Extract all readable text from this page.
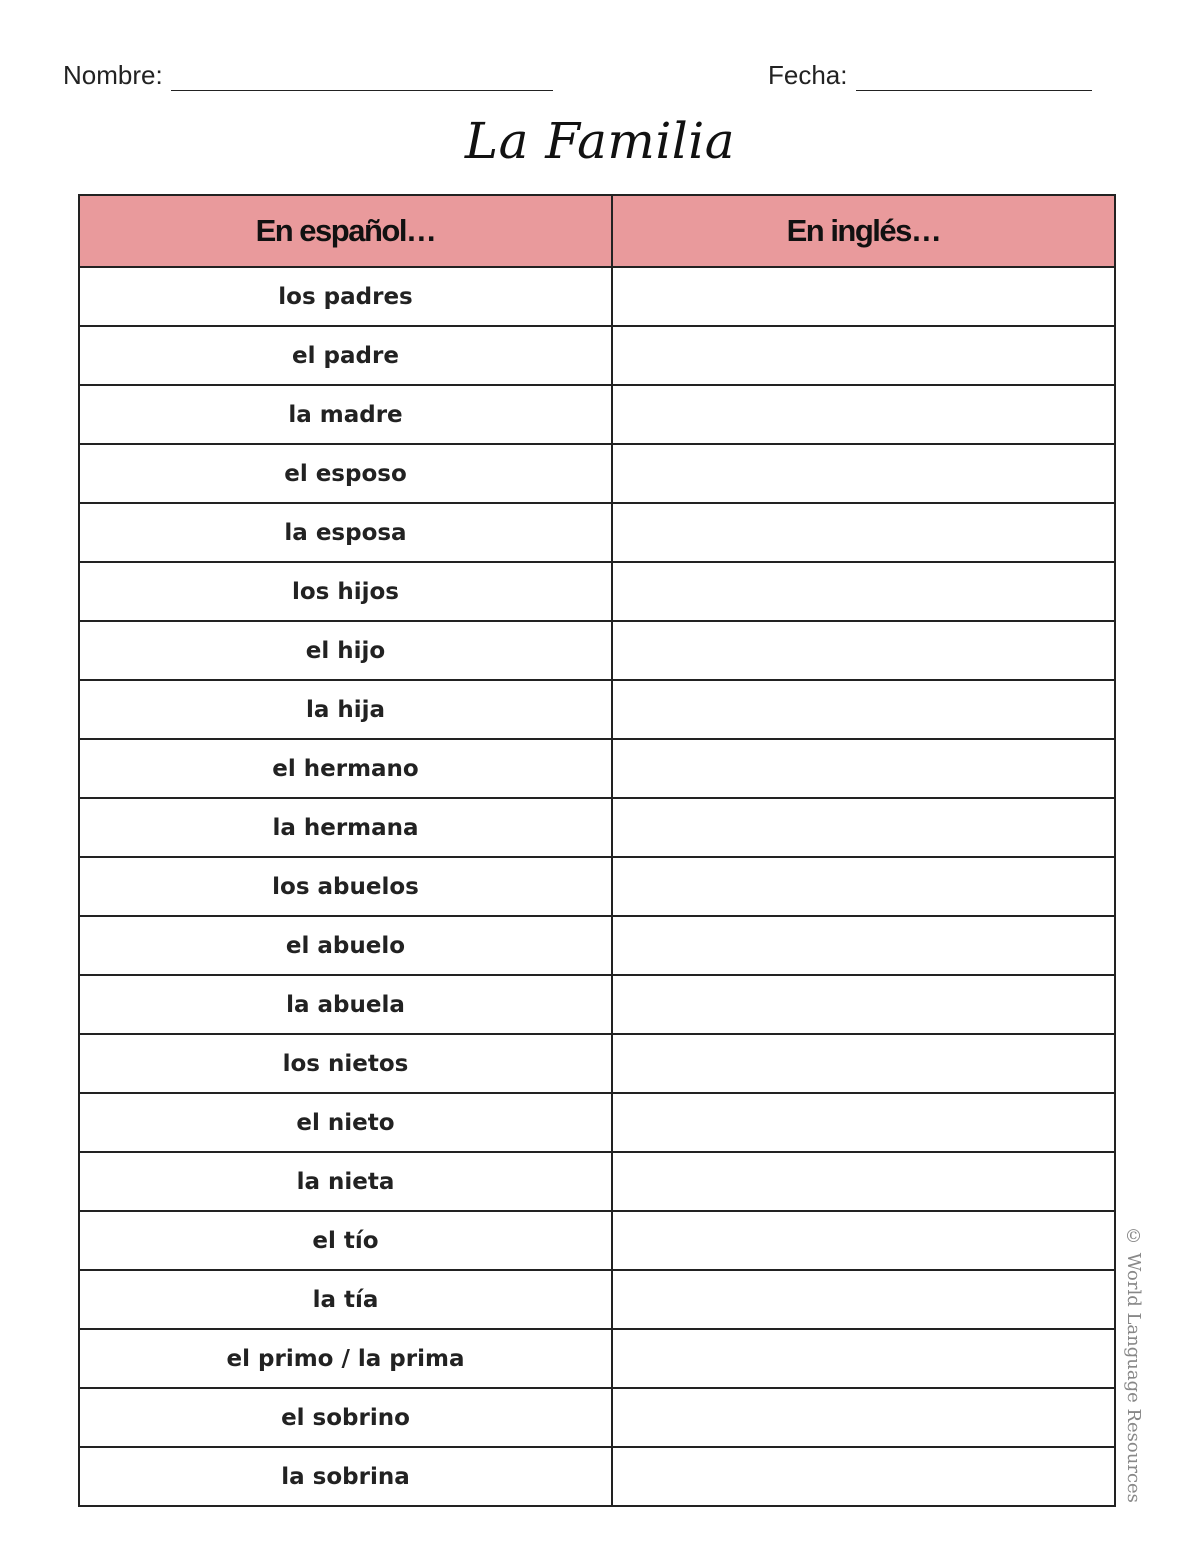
Nombre:	Fecha:
La Familia
En español…	En inglés…
los padres	
el padre	
la madre	
el esposo	
la esposa	
los hijos	
el hijo	
la hija	
el hermano	
la hermana	
los abuelos	
el abuelo	
la abuela	
los nietos	
el nieto	
la nieta	
el tío	
la tía	
el primo / la prima	
el sobrino	
la sobrina		© World Language Resources
